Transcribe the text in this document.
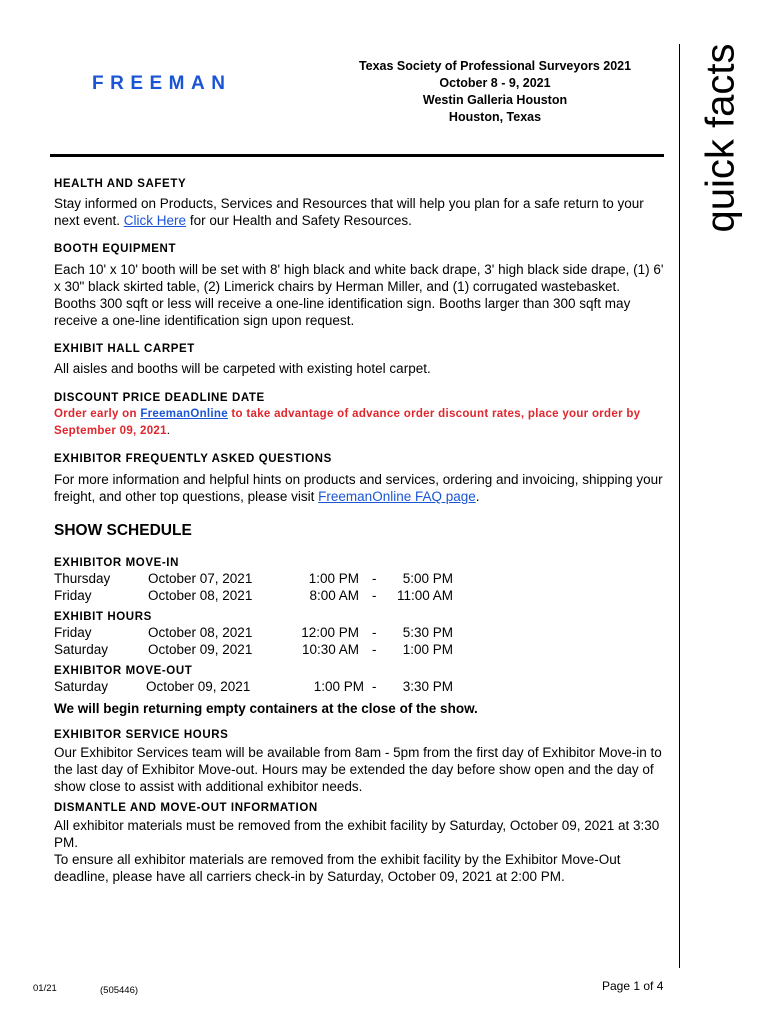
FREEMAN
Texas Society of Professional Surveyors 2021
October 8 - 9, 2021
Westin Galleria Houston
Houston, Texas	quick facts

HEALTH AND SAFETY

Stay informed on Products, Services and Resources that will help you plan for a safe return to your next event. Click Here for our Health and Safety Resources.

BOOTH EQUIPMENT

Each 10' x 10' booth will be set with 8' high black and white back drape, 3' high black side drape, (1) 6' x 30" black skirted table, (2) Limerick chairs by Herman Miller, and (1) corrugated wastebasket.

Booths 300 sqft or less will receive a one-line identification sign. Booths larger than 300 sqft may receive a one-line identification sign upon request.

EXHIBIT HALL CARPET

All aisles and booths will be carpeted with existing hotel carpet.

DISCOUNT PRICE DEADLINE DATE

Order early on FreemanOnline to take advantage of advance order discount rates, place your order by September 09, 2021.

EXHIBITOR FREQUENTLY ASKED QUESTIONS

For more information and helpful hints on products and services, ordering and invoicing, shipping your freight, and other top questions, please visit FreemanOnline FAQ page.

SHOW SCHEDULE

EXHIBITOR MOVE-IN

Thursday	October 07, 2021	1:00 PM - 5:00 PM
Friday	October 08, 2021	8:00 AM - 11:00 AM

EXHIBIT HOURS

Friday	October 08, 2021	12:00 PM - 5:30 PM
Saturday	October 09, 2021	10:30 AM - 1:00 PM

EXHIBITOR MOVE-OUT

Saturday	October 09, 2021	1:00 PM - 3:30 PM

We will begin returning empty containers at the close of the show.

EXHIBITOR SERVICE HOURS

Our Exhibitor Services team will be available from 8am - 5pm from the first day of Exhibitor Move-in to the last day of Exhibitor Move-out. Hours may be extended the day before show open and the day of show close to assist with additional exhibitor needs.

DISMANTLE AND MOVE-OUT INFORMATION

All exhibitor materials must be removed from the exhibit facility by Saturday, October 09, 2021 at 3:30 PM.

To ensure all exhibitor materials are removed from the exhibit facility by the Exhibitor Move-Out deadline, please have all carriers check-in by Saturday, October 09, 2021 at 2:00 PM.

01/21	(505446)	Page 1 of 4
